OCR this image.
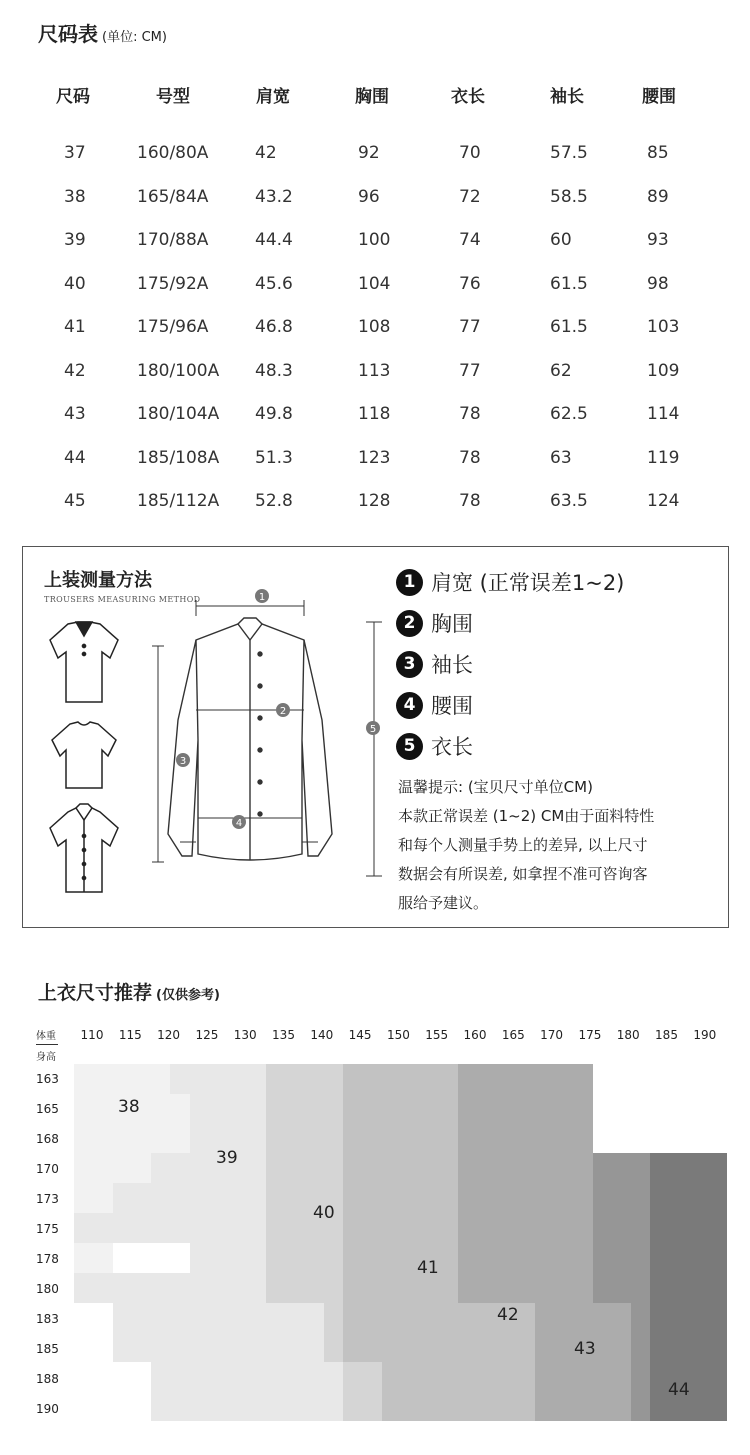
尺码表 (单位: CM)
尺码	号型	肩宽	胸围	衣长	袖长	腰围
37	160/80A	42	92	70	57.5	85
38	165/84A	43.2	96	72	58.5	89
39	170/88A	44.4	100	74	60	93
40	175/92A	45.6	104	76	61.5	98
41	175/96A	46.8	108	77	61.5	103
42	180/100A 48.3	113	77	62	109
43	180/104A 49.8	118	78	62.5	114
44	185/108A 51.3	123	78	63	119
45	185/112A 52.8	128	78	63.5	124
上装测量方法
TROUSERS MEASURING METHOD	1
2
3
4
5
1 肩宽 (正常误差1~2)
2 胸围
3 袖长
4 腰围
5 衣长
温馨提示: (宝贝尺寸单位CM)
本款正常误差 (1~2) CM由于面料特性
和每个人测量手势上的差异, 以上尺寸
数据会有所误差, 如拿捏不准可咨询客
服给予建议。
上衣尺寸推荐 (仅供参考)
体重
身高
110 115 120 125 130 135 140 145 150 155 160 165 170 175 180 185 190
163
165
168
170
173
175
178
180
183
185
188
190
38
39
40
41
42
43
44
